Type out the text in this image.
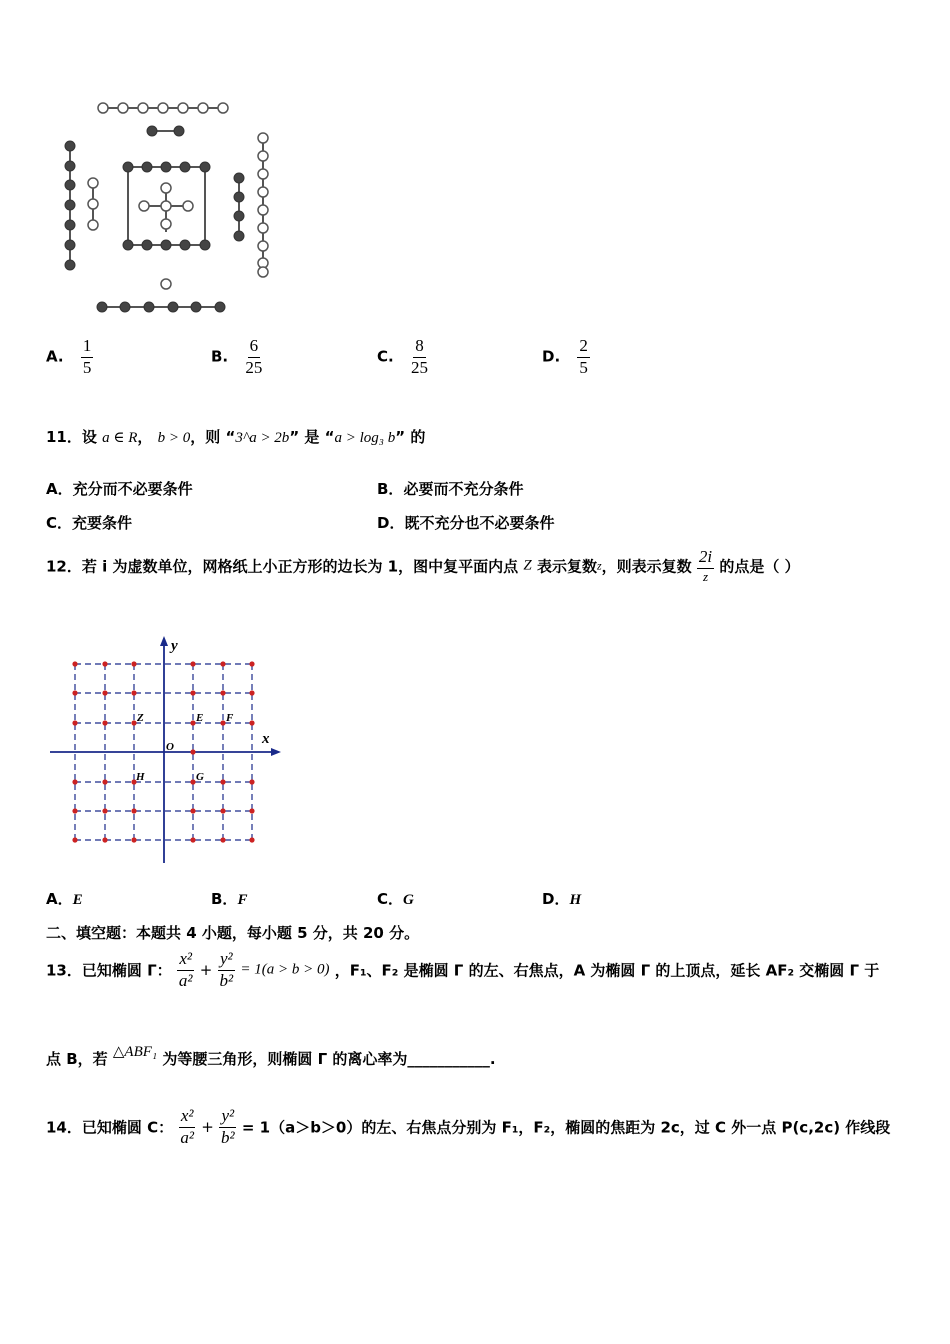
A. $\frac{1}{5}$	B. $\frac{6}{25}$	C. $\frac{8}{25}$	D. $\frac{2}{5}$
11．设 a ∈ R， b > 0，则 “3^a > 2b” 是 “a > log₃ b” 的
A．充分而不必要条件	B．必要而不充分条件
C．充要条件	D．既不充分也不必要条件
12．若 i 为虚数单位，网格纸上小正方形的边长为 1，图中复平面内点 Z 表示复数z，则表示复数 $\frac{2i}{z}$ 的点是（ ）
y
x
O
Z	E F
H	G
A．E	B．F	C．G	D．H
二、填空题：本题共 4 小题，每小题 5 分，共 20 分。
13．已知椭圆 Γ： $\frac{\text{x²}}{\text{a²}} + \frac{\text{y²}}{\text{b²}} = 1(a > b > 0)$ ，F₁、F₂ 是椭圆 Γ 的左、右焦点，A 为椭圆 Γ 的上顶点，延长 AF₂ 交椭圆 Γ 于
点 B，若 △ABF₁ 为等腰三角形，则椭圆 Γ 的离心率为___________.
14．已知椭圆 C： $\frac{\text{x²}}{\text{a²}} + \frac{\text{y²}}{\text{b²}} = 1(a>b>0)$的左、右焦点分别为 F₁，F₂，椭圆的焦距为 2c，过 C 外一点 P(c,2c) 作线段
